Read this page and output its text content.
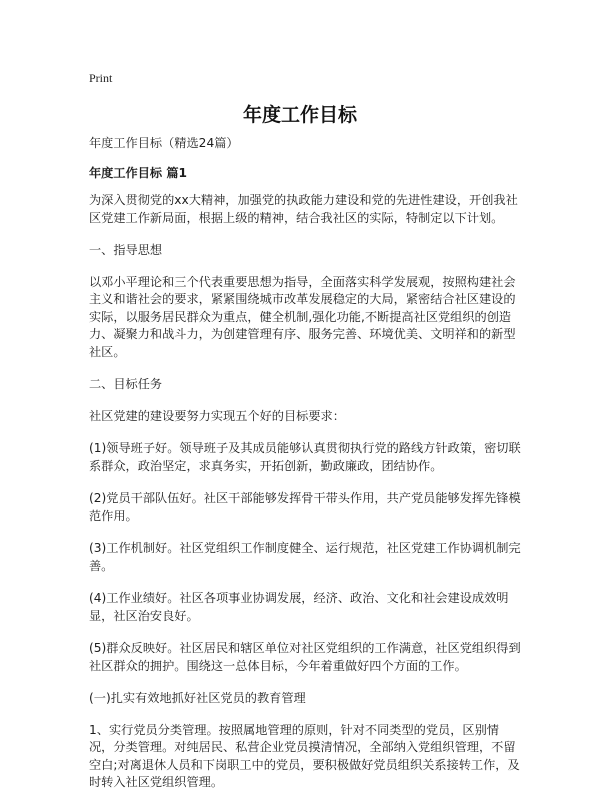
Print
年度工作目标

年度工作目标（精选24篇）

年度工作目标 篇1

为深入贯彻党的xx大精神，加强党的执政能力建设和党的先进性建设，开创我社区党建工作新局面，根据上级的精神，结合我社区的实际，特制定以下计划。

一、指导思想

以邓小平理论和三个代表重要思想为指导，全面落实科学发展观，按照构建社会主义和谐社会的要求，紧紧围绕城市改革发展稳定的大局，紧密结合社区建设的实际，以服务居民群众为重点，健全机制,强化功能,不断提高社区党组织的创造力、凝聚力和战斗力，为创建管理有序、服务完善、环境优美、文明祥和的新型社区。

二、目标任务

社区党建的建设要努力实现五个好的目标要求：

(1)领导班子好。领导班子及其成员能够认真贯彻执行党的路线方针政策，密切联系群众，政治坚定，求真务实，开拓创新，勤政廉政，团结协作。

(2)党员干部队伍好。社区干部能够发挥骨干带头作用，共产党员能够发挥先锋模范作用。

(3)工作机制好。社区党组织工作制度健全、运行规范，社区党建工作协调机制完善。

(4)工作业绩好。社区各项事业协调发展，经济、政治、文化和社会建设成效明显，社区治安良好。

(5)群众反映好。社区居民和辖区单位对社区党组织的工作满意，社区党组织得到社区群众的拥护。围绕这一总体目标，今年着重做好四个方面的工作。

(一)扎实有效地抓好社区党员的教育管理

1、实行党员分类管理。按照属地管理的原则，针对不同类型的党员，区别情况，分类管理。对纯居民、私营企业党员摸清情况，全部纳入党组织管理，不留空白;对离退休人员和下岗职工中的党员，要积极做好党员组织关系接转工作，及时转入社区党组织管理。
